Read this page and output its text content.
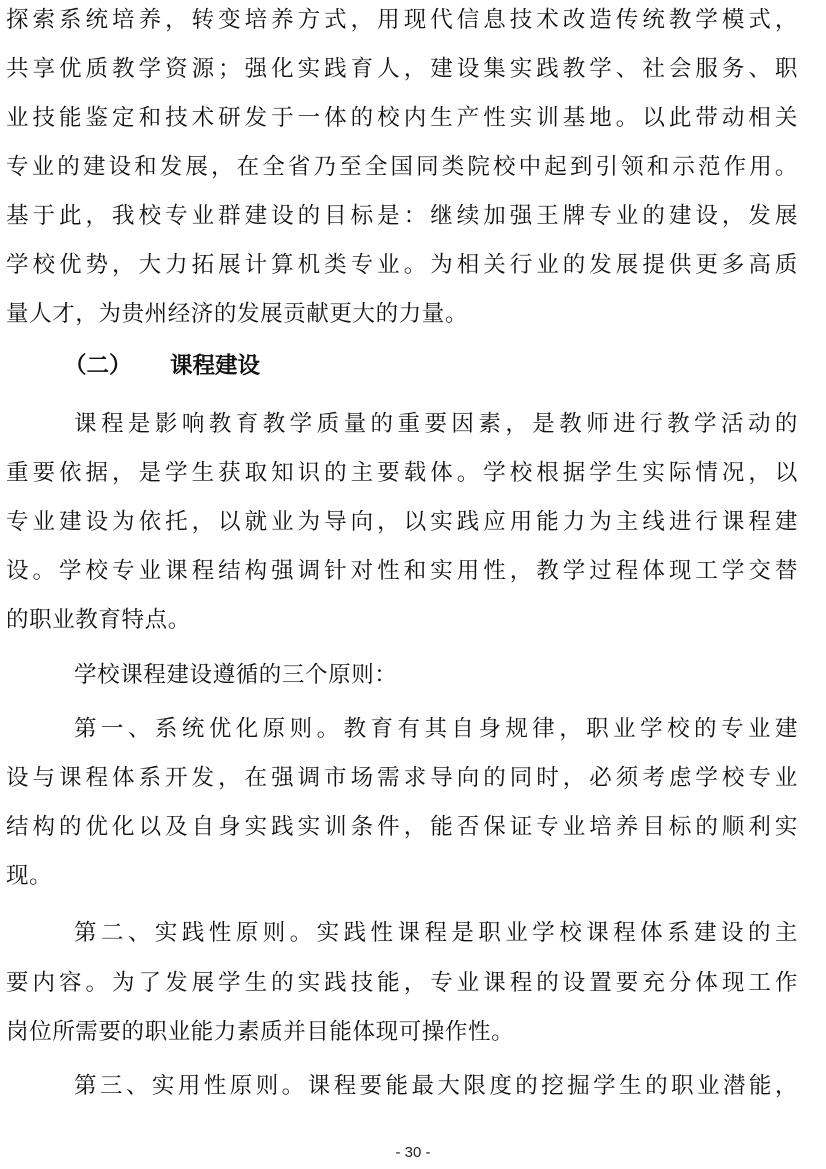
探索系统培养，转变培养方式，用现代信息技术改造传统教学模式，
共享优质教学资源；强化实践育人，建设集实践教学、社会服务、职
业技能鉴定和技术研发于一体的校内生产性实训基地。以此带动相关
专业的建设和发展，在全省乃至全国同类院校中起到引领和示范作用。
基于此，我校专业群建设的目标是：继续加强王牌专业的建设，发展
学校优势，大力拓展计算机类专业。为相关行业的发展提供更多高质
量人才，为贵州经济的发展贡献更大的力量。
（二） 课程建设
课程是影响教育教学质量的重要因素，是教师进行教学活动的
重要依据，是学生获取知识的主要载体。学校根据学生实际情况，以
专业建设为依托，以就业为导向，以实践应用能力为主线进行课程建
设。学校专业课程结构强调针对性和实用性，教学过程体现工学交替
的职业教育特点。
学校课程建设遵循的三个原则：
第一、系统优化原则。教育有其自身规律，职业学校的专业建
设与课程体系开发，在强调市场需求导向的同时，必须考虑学校专业
结构的优化以及自身实践实训条件，能否保证专业培养目标的顺利实
现。
第二、实践性原则。实践性课程是职业学校课程体系建设的主
要内容。为了发展学生的实践技能，专业课程的设置要充分体现工作
岗位所需要的职业能力素质并目能体现可操作性。
第三、实用性原则。课程要能最大限度的挖掘学生的职业潜能，
- 30 -
